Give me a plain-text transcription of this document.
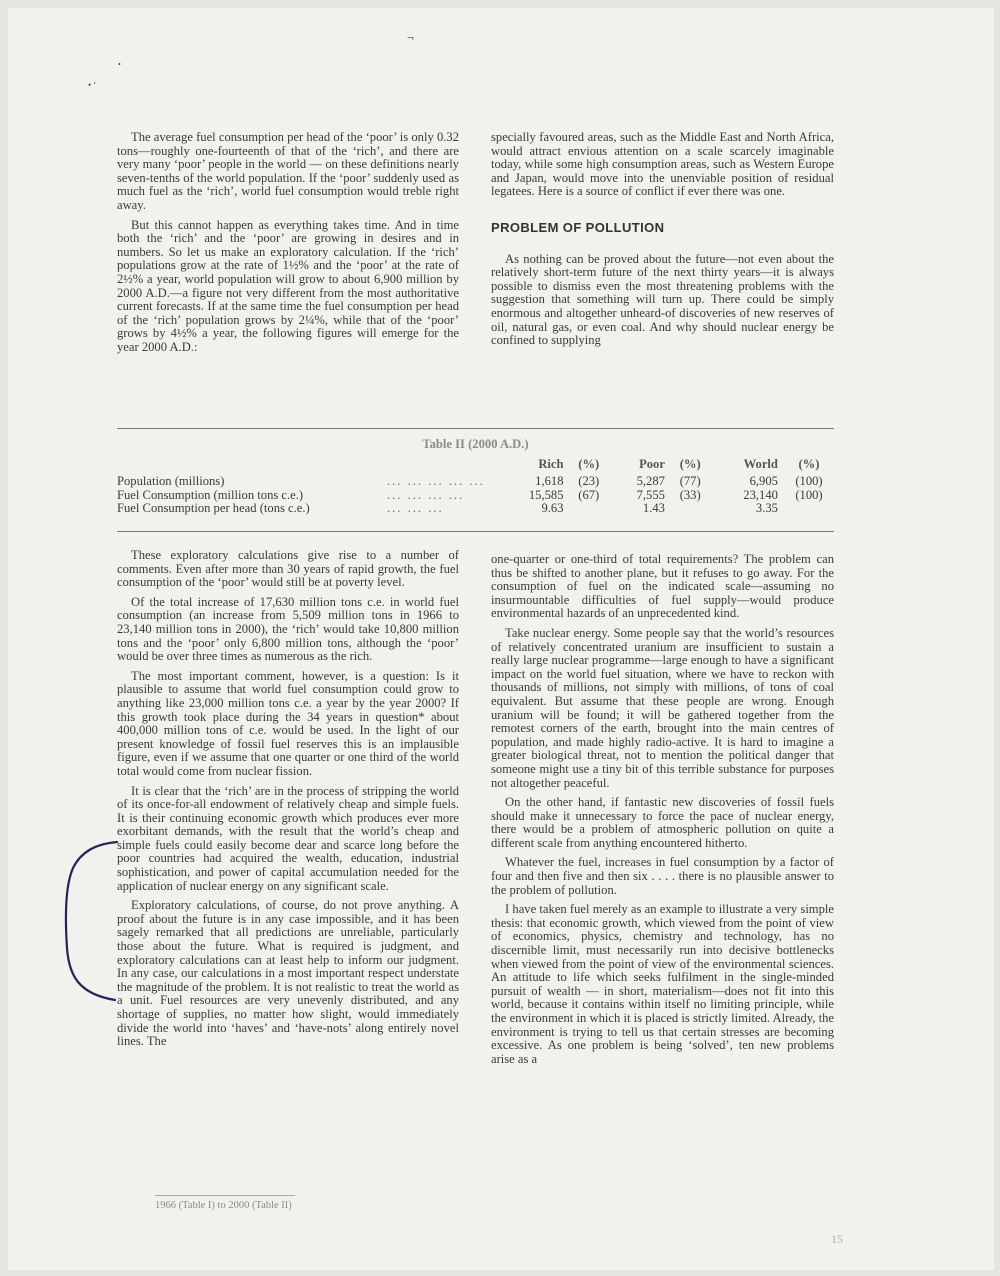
¬
• ‘
•

The average fuel consumption per head of the ‘poor’ is only 0.32 tons—roughly one-fourteenth of that of the ‘rich’, and there are very many ‘poor’ people in the world — on these definitions nearly seven-tenths of the world population. If the ‘poor’ suddenly used as much fuel as the ‘rich’, world fuel consumption would treble right away.

But this cannot happen as everything takes time. And in time both the ‘rich’ and the ‘poor’ are growing in desires and in numbers. So let us make an exploratory calculation. If the ‘rich’ populations grow at the rate of 1½% and the ‘poor’ at the rate of 2½% a year, world population will grow to about 6,900 million by 2000 A.D.—a figure not very different from the most authoritative current forecasts. If at the same time the fuel consumption per head of the ‘rich’ population grows by 2¼%, while that of the ‘poor’ grows by 4½% a year, the following figures will emerge for the year 2000 A.D.:

specially favoured areas, such as the Middle East and North Africa, would attract envious attention on a scale scarcely imaginable today, while some high consumption areas, such as Western Europe and Japan, would move into the unenviable position of residual legatees. Here is a source of conflict if ever there was one.

PROBLEM OF POLLUTION

As nothing can be proved about the future—not even about the relatively short-term future of the next thirty years—it is always possible to dismiss even the most threatening problems with the suggestion that something will turn up. There could be simply enormous and altogether unheard-of discoveries of new reserves of oil, natural gas, or even coal. And why should nuclear energy be confined to supplying

Table II (2000 A.D.)
		Rich	(%)	Poor	(%)	World	(%)
Population (millions)	... ... ... ... ...	1,618	(23)	5,287	(77)	6,905	(100)
Fuel Consumption (million tons c.e.)	... ... ... ...	15,585	(67)	7,555	(33)	23,140	(100)
Fuel Consumption per head (tons c.e.)	... ... ...	9.63		1.43		3.35	

These exploratory calculations give rise to a number of comments. Even after more than 30 years of rapid growth, the fuel consumption of the ‘poor’ would still be at poverty level.

Of the total increase of 17,630 million tons c.e. in world fuel consumption (an increase from 5,509 million tons in 1966 to 23,140 million tons in 2000), the ‘rich’ would take 10,800 million tons and the ‘poor’ only 6,800 million tons, although the ‘poor’ would be over three times as numerous as the rich.

The most important comment, however, is a question: Is it plausible to assume that world fuel consumption could grow to anything like 23,000 million tons c.e. a year by the year 2000? If this growth took place during the 34 years in question* about 400,000 million tons of c.e. would be used. In the light of our present knowledge of fossil fuel reserves this is an implausible figure, even if we assume that one quarter or one third of the world total would come from nuclear fission.

It is clear that the ‘rich’ are in the process of stripping the world of its once-for-all endowment of relatively cheap and simple fuels. It is their continuing economic growth which produces ever more exorbitant demands, with the result that the world’s cheap and simple fuels could easily become dear and scarce long before the poor countries had acquired the wealth, education, industrial sophistication, and power of capital accumulation needed for the application of nuclear energy on any significant scale.

Exploratory calculations, of course, do not prove anything. A proof about the future is in any case impossible, and it has been sagely remarked that all predictions are unreliable, particularly those about the future. What is required is judgment, and exploratory calculations can at least help to inform our judgment. In any case, our calculations in a most important respect understate the magnitude of the problem. It is not realistic to treat the world as a unit. Fuel resources are very unevenly distributed, and any shortage of supplies, no matter how slight, would immediately divide the world into ‘haves’ and ‘have-nots’ along entirely novel lines. The

one-quarter or one-third of total requirements? The problem can thus be shifted to another plane, but it refuses to go away. For the consumption of fuel on the indicated scale—assuming no insurmountable difficulties of fuel supply—would produce environmental hazards of an unprecedented kind.

Take nuclear energy. Some people say that the world’s resources of relatively concentrated uranium are insufficient to sustain a really large nuclear programme—large enough to have a significant impact on the world fuel situation, where we have to reckon with thousands of millions, not simply with millions, of tons of coal equivalent. But assume that these people are wrong. Enough uranium will be found; it will be gathered together from the remotest corners of the earth, brought into the main centres of population, and made highly radio-active. It is hard to imagine a greater biological threat, not to mention the political danger that someone might use a tiny bit of this terrible substance for purposes not altogether peaceful.

On the other hand, if fantastic new discoveries of fossil fuels should make it unnecessary to force the pace of nuclear energy, there would be a problem of atmospheric pollution on quite a different scale from anything encountered hitherto.

Whatever the fuel, increases in fuel consumption by a factor of four and then five and then six . . . . there is no plausible answer to the problem of pollution.

I have taken fuel merely as an example to illustrate a very simple thesis: that economic growth, which viewed from the point of view of economics, physics, chemistry and technology, has no discernible limit, must necessarily run into decisive bottlenecks when viewed from the point of view of the environmental sciences. An attitude to life which seeks fulfilment in the single-minded pursuit of wealth — in short, materialism—does not fit into this world, because it contains within itself no limiting principle, while the environment in which it is placed is strictly limited. Already, the environment is trying to tell us that certain stresses are becoming excessive. As one problem is being ‘solved’, ten new problems arise as a

1966 (Table I) to 2000 (Table II)
15
